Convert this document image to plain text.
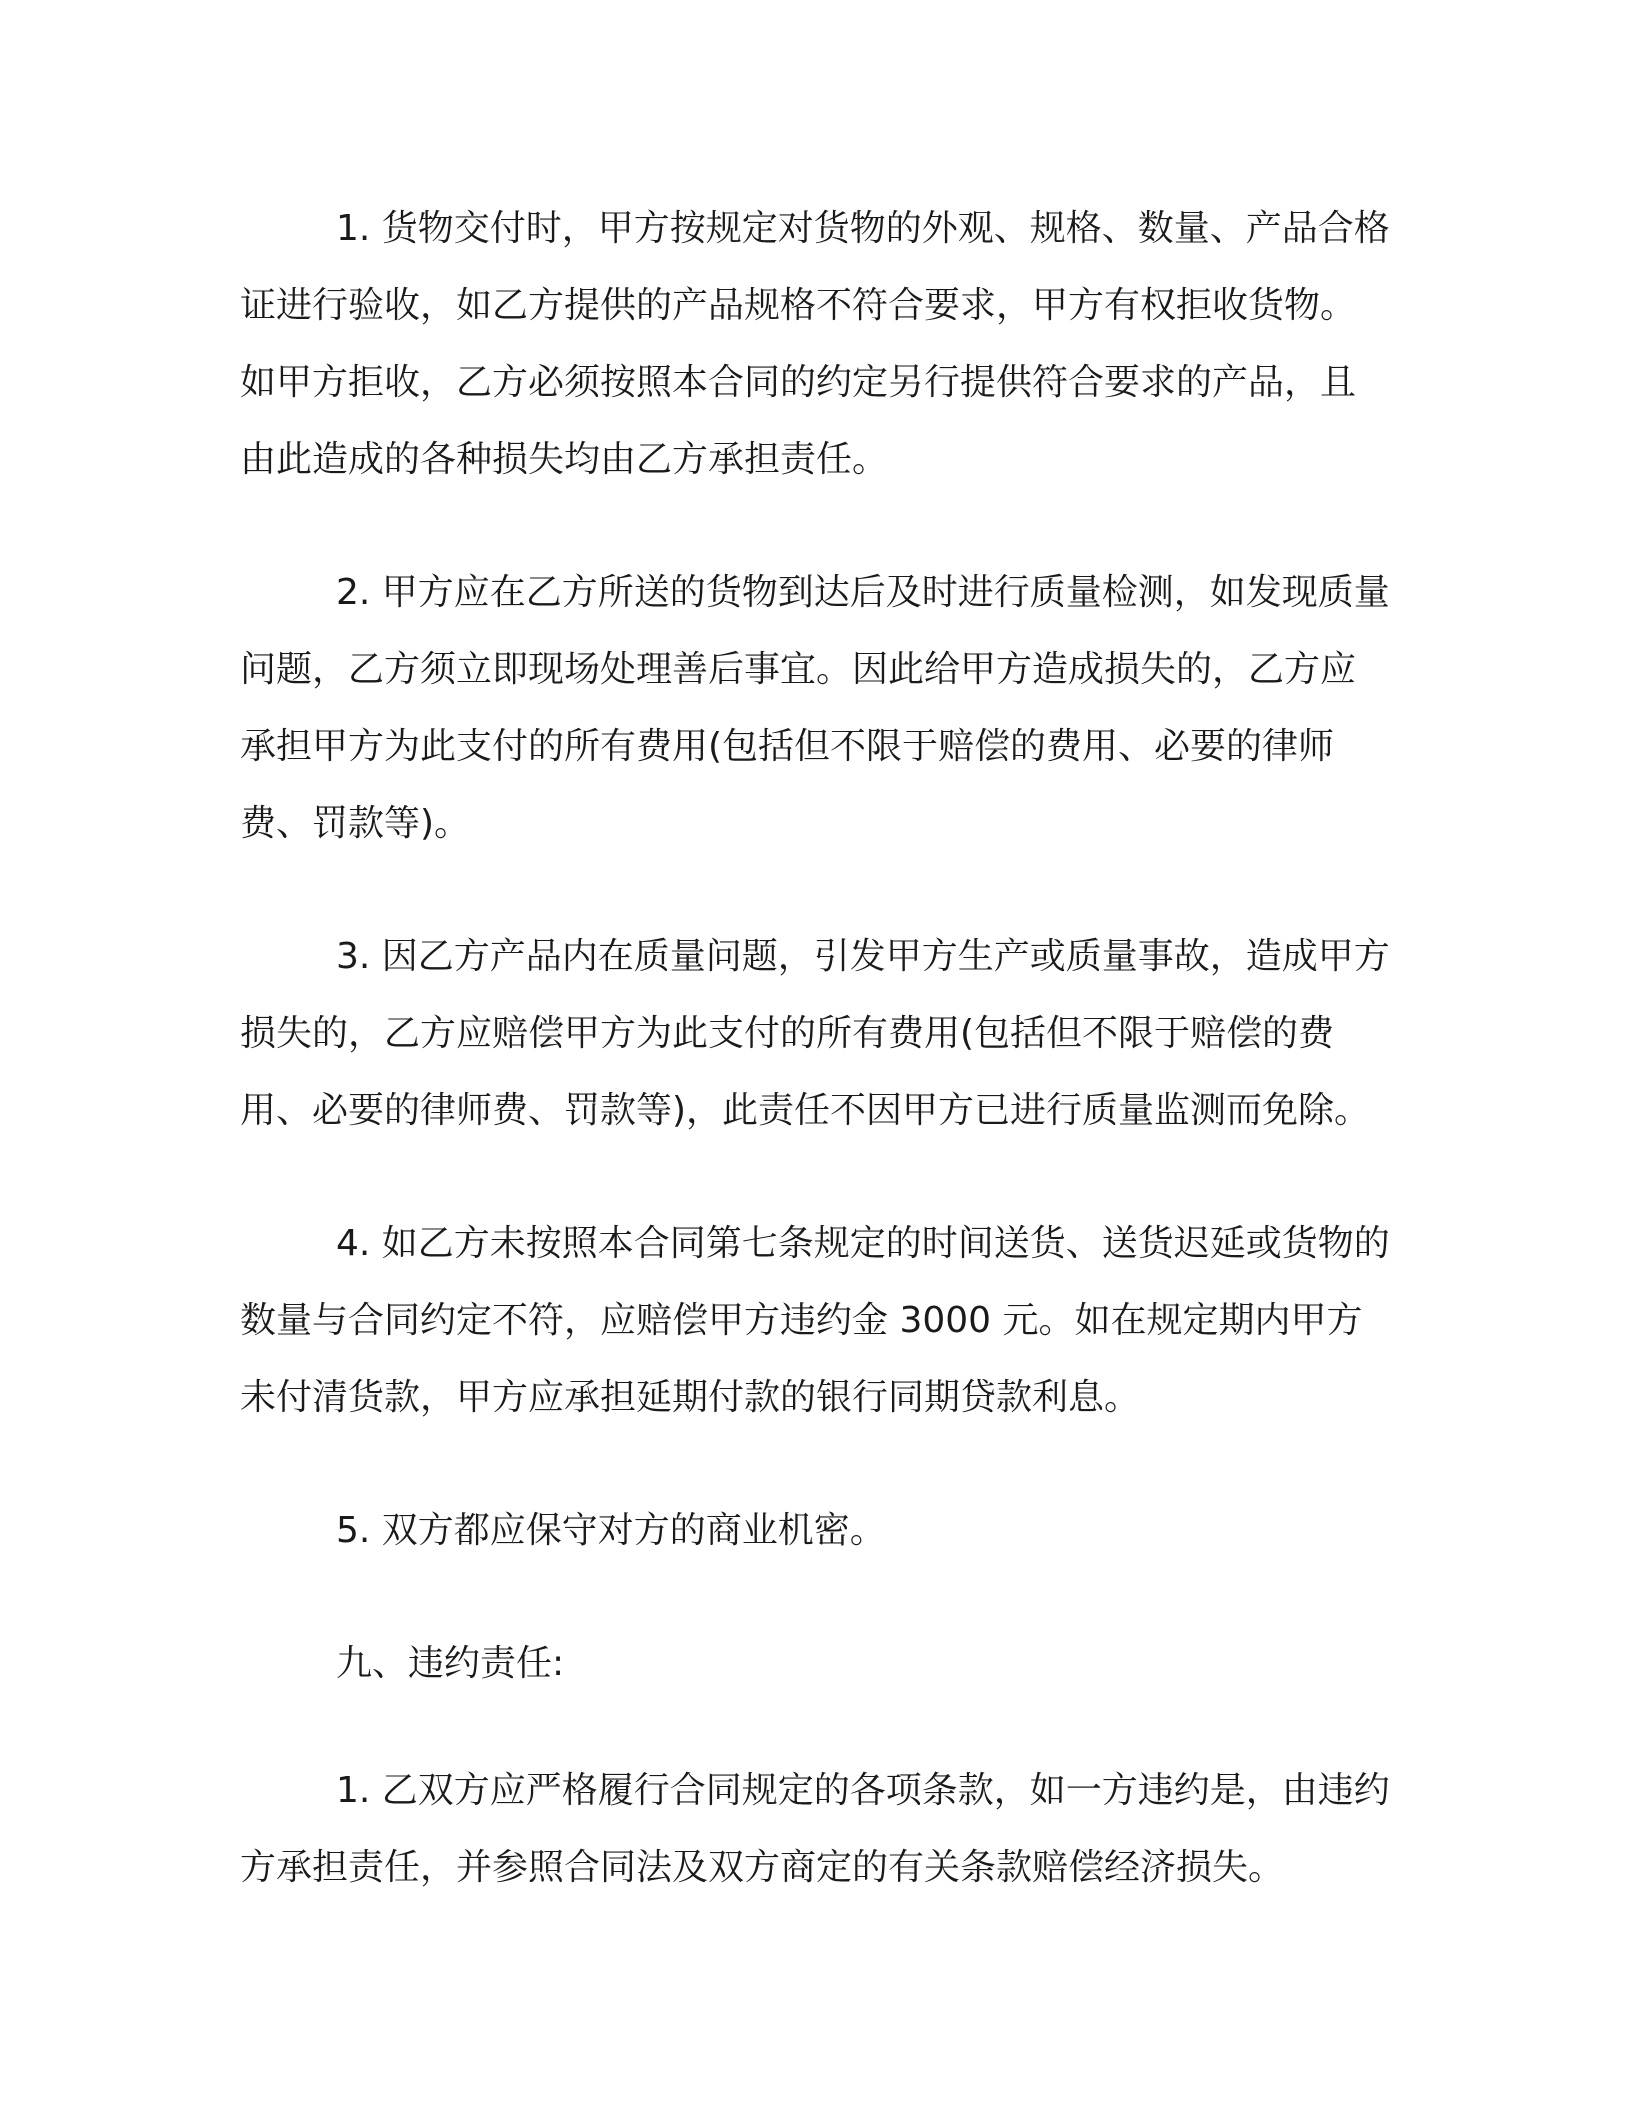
1. 货物交付时，甲方按规定对货物的外观、规格、数量、产品合格证进行验收，如乙方提供的产品规格不符合要求，甲方有权拒收货物。如甲方拒收，乙方必须按照本合同的约定另行提供符合要求的产品，且由此造成的各种损失均由乙方承担责任。

2. 甲方应在乙方所送的货物到达后及时进行质量检测，如发现质量问题，乙方须立即现场处理善后事宜。因此给甲方造成损失的，乙方应承担甲方为此支付的所有费用(包括但不限于赔偿的费用、必要的律师费、罚款等)。

3. 因乙方产品内在质量问题，引发甲方生产或质量事故，造成甲方损失的，乙方应赔偿甲方为此支付的所有费用(包括但不限于赔偿的费用、必要的律师费、罚款等)，此责任不因甲方已进行质量监测而免除。

4. 如乙方未按照本合同第七条规定的时间送货、送货迟延或货物的数量与合同约定不符，应赔偿甲方违约金 3000 元。如在规定期内甲方未付清货款，甲方应承担延期付款的银行同期贷款利息。

5. 双方都应保守对方的商业机密。

九、违约责任:

1. 乙双方应严格履行合同规定的各项条款，如一方违约是，由违约方承担责任，并参照合同法及双方商定的有关条款赔偿经济损失。
